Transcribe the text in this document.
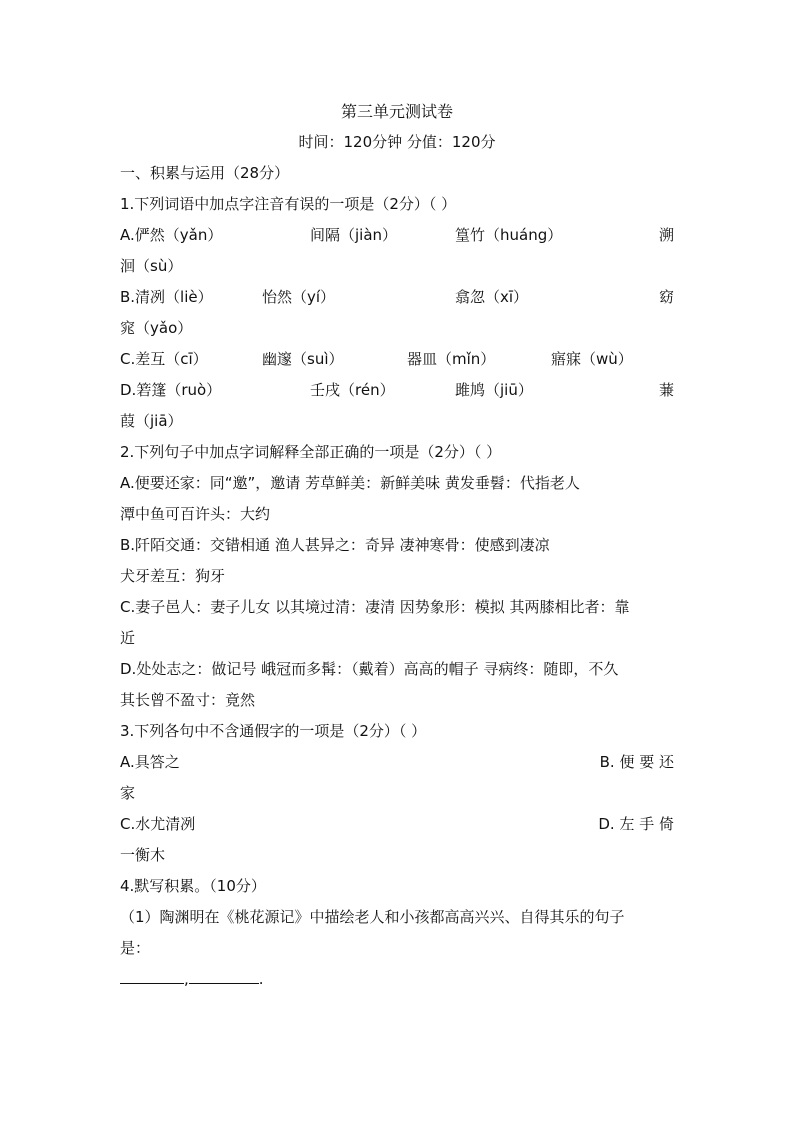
第三单元测试卷
时间：120分钟 分值：120分
一、积累与运用（28分）
1.下列词语中加点字注音有误的一项是（2分）（ ）
A.俨然（yǎn）	间隔（jiàn）	篁竹（huáng）	溯
洄（sù）
B.清冽（liè）	怡然（yí）	翕忽（xī）	窈
窕（yǎo）
C.差互（cī）	幽邃（suì）	器皿（mǐn）	寤寐（wù）
D.箬篷（ruò）	壬戌（rén）	雎鸠（jiū）	蒹
葭（jiā）
2.下列句子中加点字词解释全部正确的一项是（2分）（ ）
A.便要还家：同“邀”，邀请 芳草鲜美：新鲜美味 黄发垂髫：代指老人
潭中鱼可百许头：大约
B.阡陌交通：交错相通 渔人甚异之：奇异 凄神寒骨：使感到凄凉
犬牙差互：狗牙
C.妻子邑人：妻子儿女 以其境过清：凄清 因势象形：模拟 其两膝相比者：靠
近
D.处处志之：做记号 峨冠而多髯：（戴着）高高的帽子 寻病终：随即，不久
其长曾不盈寸：竟然
3.下列各句中不含通假字的一项是（2分）（ ）
A.具答之	B. 便 要 还
家
C.水尤清冽	D. 左 手 倚
一衡木
4.默写积累。（10分）
（1）陶渊明在《桃花源记》中描绘老人和小孩都高高兴兴、自得其乐的句子
是：
,	.
